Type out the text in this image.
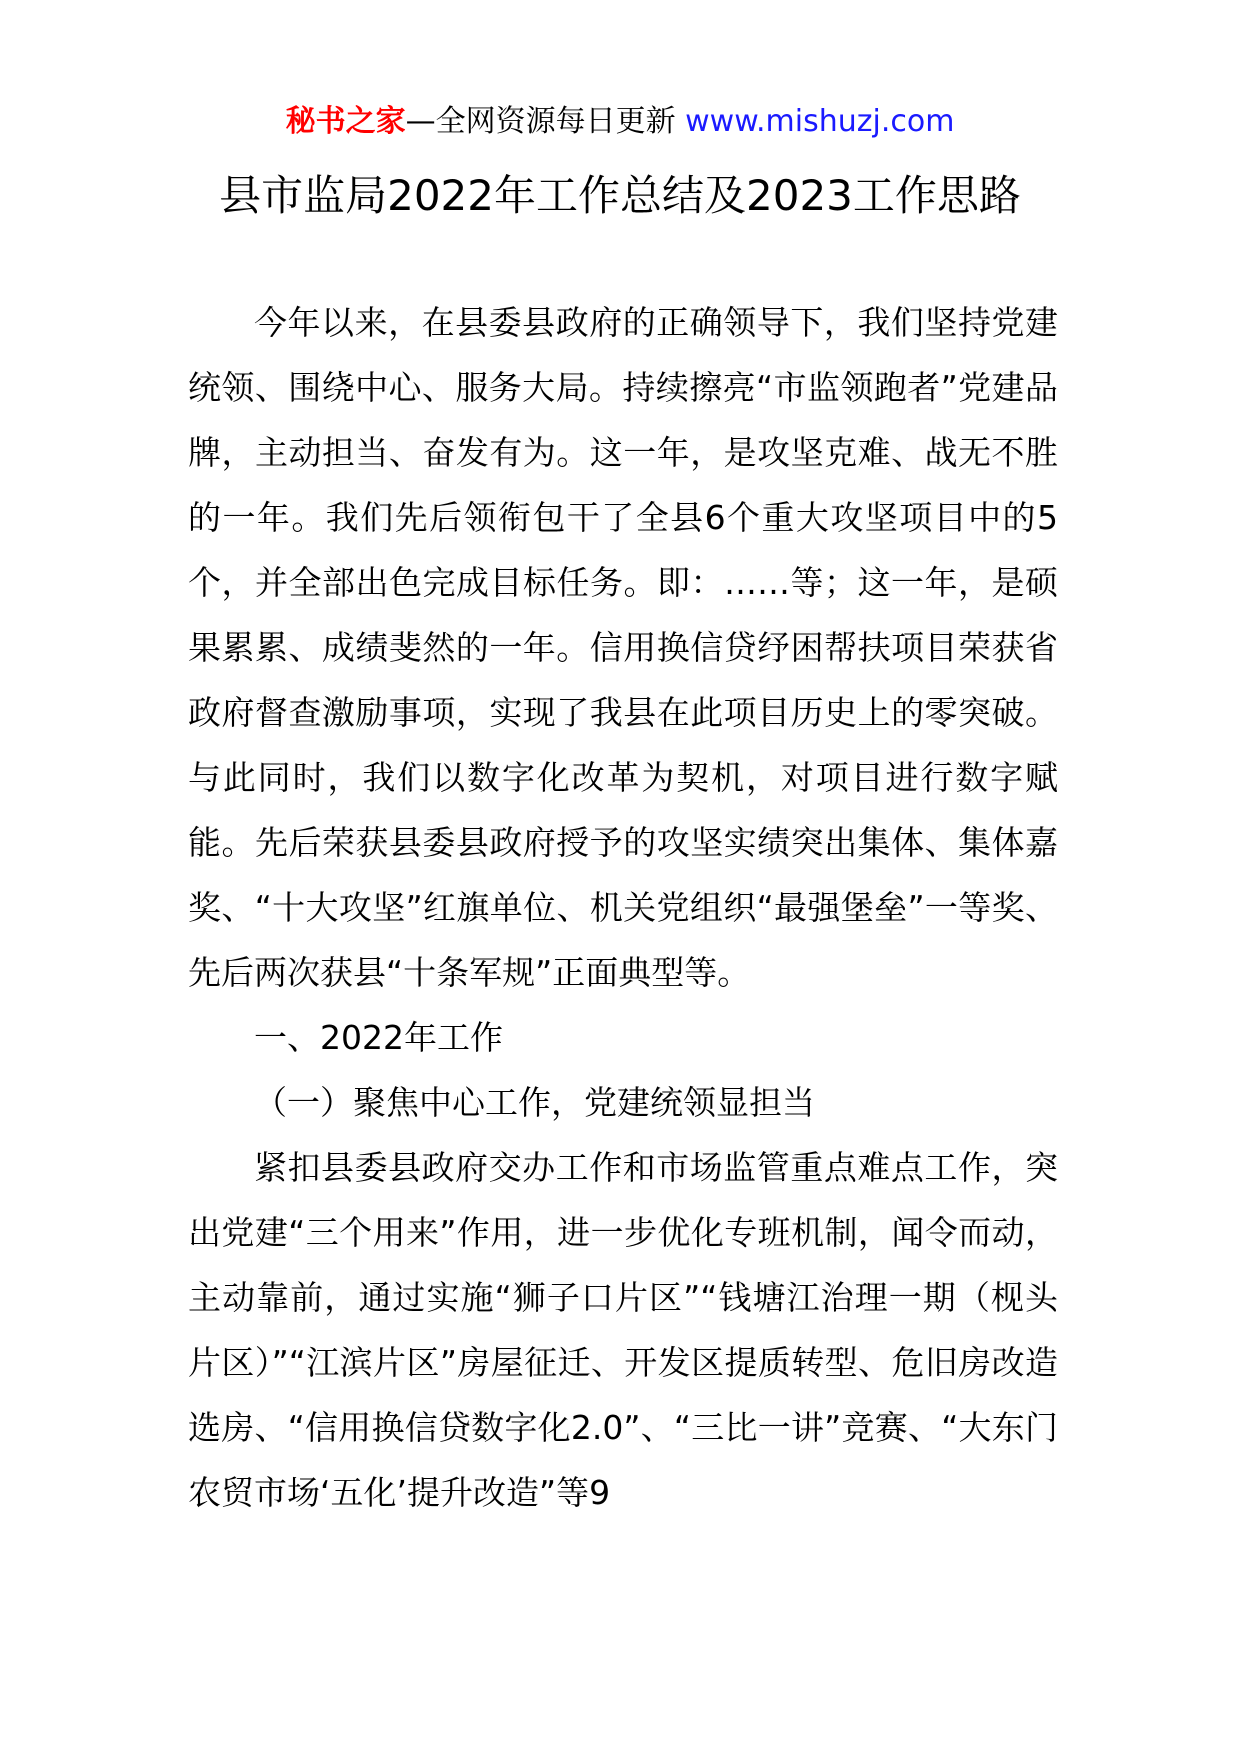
秘书之家—全网资源每日更新 www.mishuzj.com
县市监局2022年工作总结及2023工作思路

今年以来，在县委县政府的正确领导下，我们坚持党建统领、围绕中心、服务大局。持续擦亮“市监领跑者”党建品牌，主动担当、奋发有为。这一年，是攻坚克难、战无不胜的一年。我们先后领衔包干了全县6个重大攻坚项目中的5个，并全部出色完成目标任务。即：……等；这一年，是硕果累累、成绩斐然的一年。信用换信贷纾困帮扶项目荣获省政府督查激励事项，实现了我县在此项目历史上的零突破。与此同时，我们以数字化改革为契机，对项目进行数字赋能。先后荣获县委县政府授予的攻坚实绩突出集体、集体嘉奖、“十大攻坚”红旗单位、机关党组织“最强堡垒”一等奖、先后两次获县“十条军规”正面典型等。

一、2022年工作

（一）聚焦中心工作，党建统领显担当

紧扣县委县政府交办工作和市场监管重点难点工作，突出党建“三个用来”作用，进一步优化专班机制，闻令而动，主动靠前，通过实施“狮子口片区”“钱塘江治理一期（枧头片区）”“江滨片区”房屋征迁、开发区提质转型、危旧房改造选房、“信用换信贷数字化2.0”、“三比一讲”竞赛、“大东门农贸市场‘五化’提升改造”等9
